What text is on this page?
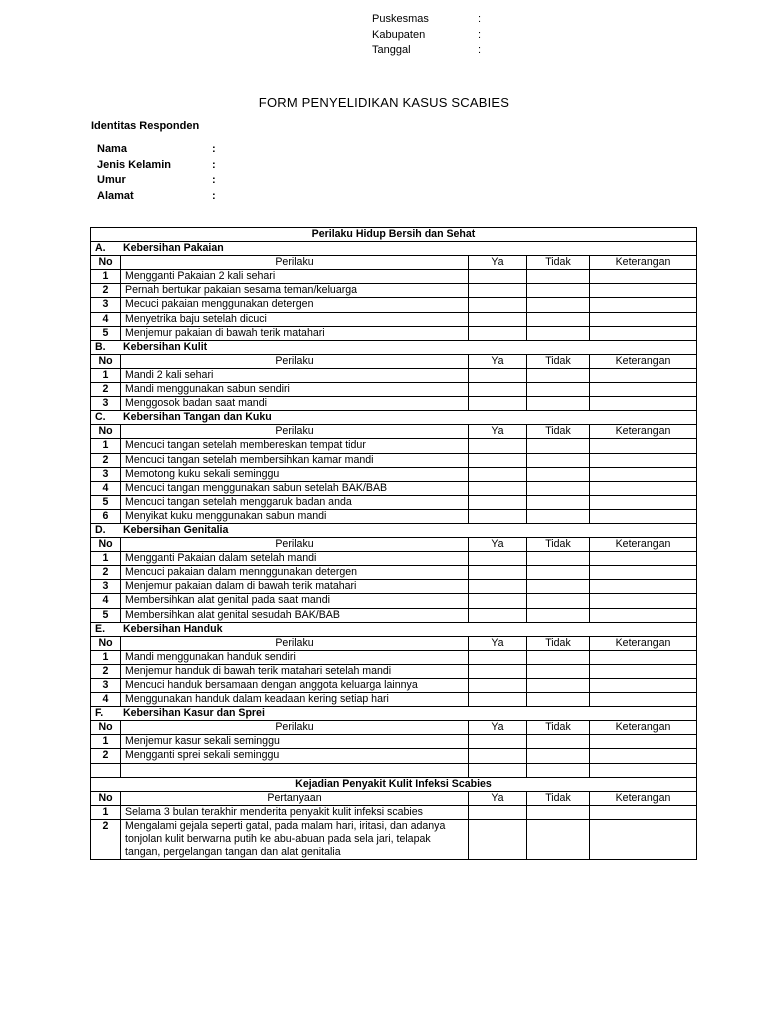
Puskesmas	:
Kabupaten	:
Tanggal	:
FORM PENYELIDIKAN KASUS SCABIES
Identitas Responden
Nama	:
Jenis Kelamin	:
Umur	:
Alamat	:
Perilaku Hidup Bersih dan Sehat				
A. Kebersihan Pakaian				
No	Perilaku	Ya	Tidak	Keterangan
1	Mengganti Pakaian 2 kali sehari			
2	Pernah bertukar pakaian sesama teman/keluarga			
3	Mecuci pakaian menggunakan detergen			
4	Menyetrika baju setelah dicuci			
5	Menjemur pakaian di bawah terik matahari			
B. Kebersihan Kulit				
No	Perilaku	Ya	Tidak	Keterangan
1	Mandi 2 kali sehari			
2	Mandi menggunakan sabun sendiri			
3	Menggosok badan saat mandi			
C. Kebersihan Tangan dan Kuku				
No	Perilaku	Ya	Tidak	Keterangan
1	Mencuci tangan setelah membereskan tempat tidur			
2	Mencuci tangan setelah membersihkan kamar mandi			
3	Memotong kuku sekali seminggu			
4	Mencuci tangan menggunakan sabun setelah BAK/BAB			
5	Mencuci tangan setelah menggaruk badan anda			
6	Menyikat kuku menggunakan sabun mandi			
D. Kebersihan Genitalia				
No	Perilaku	Ya	Tidak	Keterangan
1	Mengganti Pakaian dalam setelah mandi			
2	Mencuci pakaian dalam mennggunakan detergen			
3	Menjemur pakaian dalam di bawah terik matahari			
4	Membersihkan alat genital pada saat mandi			
5	Membersihkan alat genital sesudah BAK/BAB			
E. Kebersihan Handuk				
No	Perilaku	Ya	Tidak	Keterangan
1	Mandi menggunakan handuk sendiri			
2	Menjemur handuk di bawah terik matahari setelah mandi			
3	Mencuci handuk bersamaan dengan anggota keluarga lainnya			
4	Menggunakan handuk dalam keadaan kering setiap hari			
F. Kebersihan Kasur dan Sprei				
No	Perilaku	Ya	Tidak	Keterangan
1	Menjemur kasur sekali seminggu			
2	Mengganti sprei sekali seminggu			

Kejadian Penyakit Kulit Infeksi Scabies				
No	Pertanyaan	Ya	Tidak	Keterangan
1	Selama 3 bulan terakhir menderita penyakit kulit infeksi scabies			
2	Mengalami gejala seperti gatal, pada malam hari, iritasi, dan adanya tonjolan kulit berwarna putih ke abu-abuan pada sela jari, telapak tangan, pergelangan tangan dan alat genitalia			
